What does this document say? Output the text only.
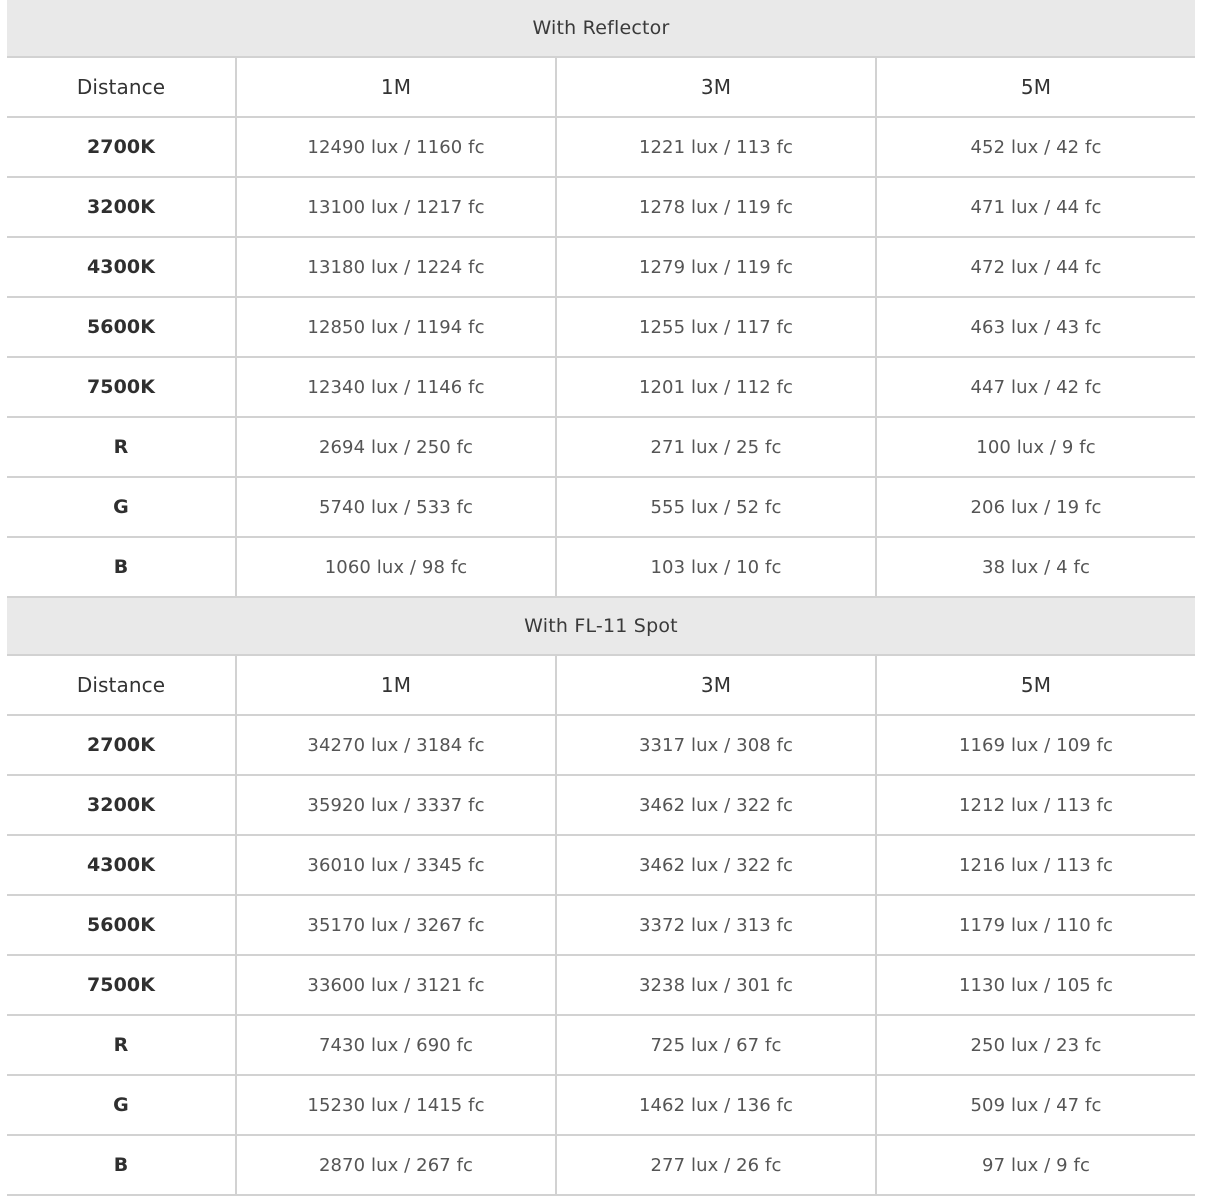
With Reflector
Distance	1M	3M	5M
2700K	12490 lux / 1160 fc	1221 lux / 113 fc	452 lux / 42 fc
3200K	13100 lux / 1217 fc	1278 lux / 119 fc	471 lux / 44 fc
4300K	13180 lux / 1224 fc	1279 lux / 119 fc	472 lux / 44 fc
5600K	12850 lux / 1194 fc	1255 lux / 117 fc	463 lux / 43 fc
7500K	12340 lux / 1146 fc	1201 lux / 112 fc	447 lux / 42 fc
R	2694 lux / 250 fc	271 lux / 25 fc	100 lux / 9 fc
G	5740 lux / 533 fc	555 lux / 52 fc	206 lux / 19 fc
B	1060 lux / 98 fc	103 lux / 10 fc	38 lux / 4 fc
With FL-11 Spot
Distance	1M	3M	5M
2700K	34270 lux / 3184 fc	3317 lux / 308 fc	1169 lux / 109 fc
3200K	35920 lux / 3337 fc	3462 lux / 322 fc	1212 lux / 113 fc
4300K	36010 lux / 3345 fc	3462 lux / 322 fc	1216 lux / 113 fc
5600K	35170 lux / 3267 fc	3372 lux / 313 fc	1179 lux / 110 fc
7500K	33600 lux / 3121 fc	3238 lux / 301 fc	1130 lux / 105 fc
R	7430 lux / 690 fc	725 lux / 67 fc	250 lux / 23 fc
G	15230 lux / 1415 fc	1462 lux / 136 fc	509 lux / 47 fc
B	2870 lux / 267 fc	277 lux / 26 fc	97 lux / 9 fc
